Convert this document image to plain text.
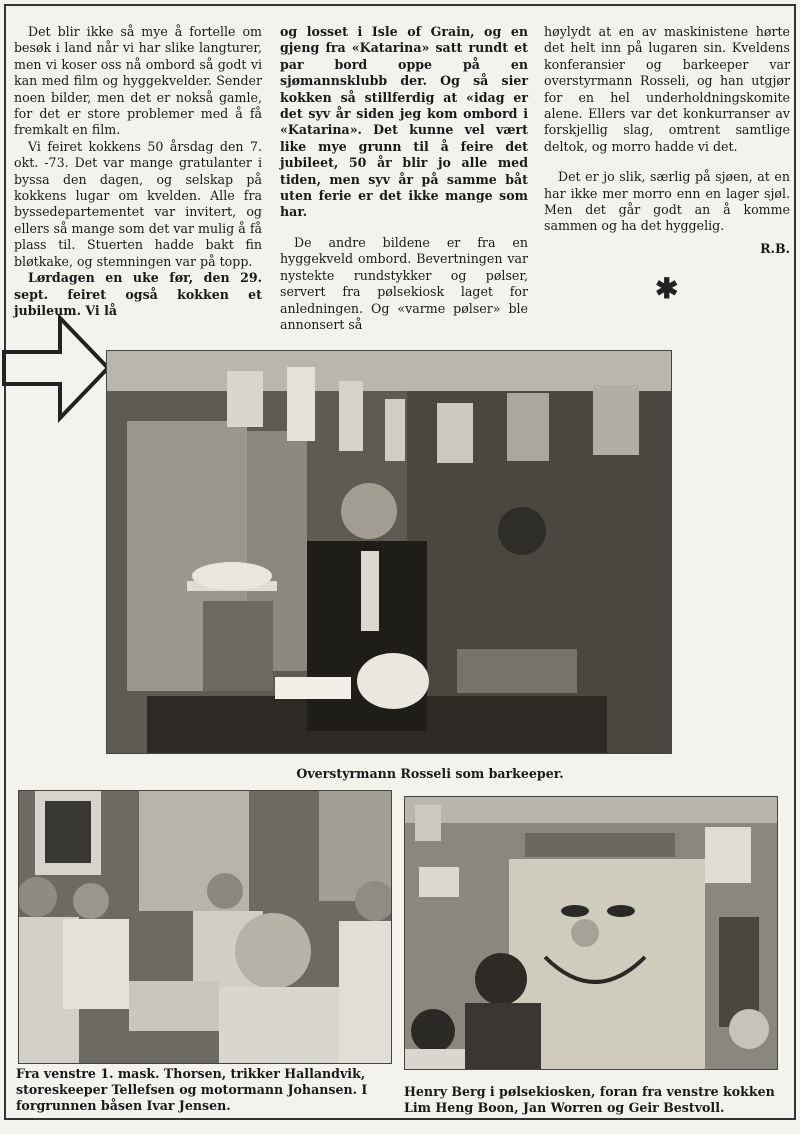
Det blir ikke så mye å fortelle om besøk i land når vi har slike langturer, men vi koser oss nå ombord så godt vi kan med film og hyggekvelder. Sender noen bilder, men det er nokså gamle, for det er store problemer med å få fremkalt en film.

Vi feiret kokkens 50 årsdag den 7. okt. -73. Det var mange gratulanter i byssa den dagen, og selskap på kokkens lugar om kvelden. Alle fra byssedepartementet var invitert, og ellers så mange som det var mulig å få plass til. Stuerten hadde bakt fin bløtkake, og stemningen var på topp.

Lørdagen en uke før, den 29. sept. feiret også kokken et jubileum. Vi lå

og losset i Isle of Grain, og en gjeng fra «Katarina» satt rundt et par bord oppe på en sjømannsklubb der. Og så sier kokken så stillferdig at «idag er det syv år siden jeg kom ombord i «Katarina». Det kunne vel vært like mye grunn til å feire det jubileet, 50 år blir jo alle med tiden, men syv år på samme båt uten ferie er det ikke mange som har.

De andre bildene er fra en hyggekveld ombord. Bevertningen var nystekte rundstykker og pølser, servert fra pølsekiosk laget for anledningen. Og «varme pølser» ble annonsert så

høylydt at en av maskinistene hørte det helt inn på lugaren sin. Kveldens konferansier og barkeeper var overstyrmann Rosseli, og han utgjør for en hel underholdningskomite alene. Ellers var det konkurranser av forskjellig slag, omtrent samtlige deltok, og morro hadde vi det.

Det er jo slik, særlig på sjøen, at en har ikke mer morro enn en lager sjøl. Men det går godt an å komme sammen og ha det hyggelig.

R.B.

✱
Overstyrmann Rosseli som barkeeper.
Fra venstre 1. mask. Thorsen, trikker Hallandvik, storeskeeper Tellefsen og motormann Johansen. I forgrunnen båsen Ivar Jensen.
Henry Berg i pølsekiosken, foran fra venstre kokken Lim Heng Boon, Jan Worren og Geir Bestvoll.
